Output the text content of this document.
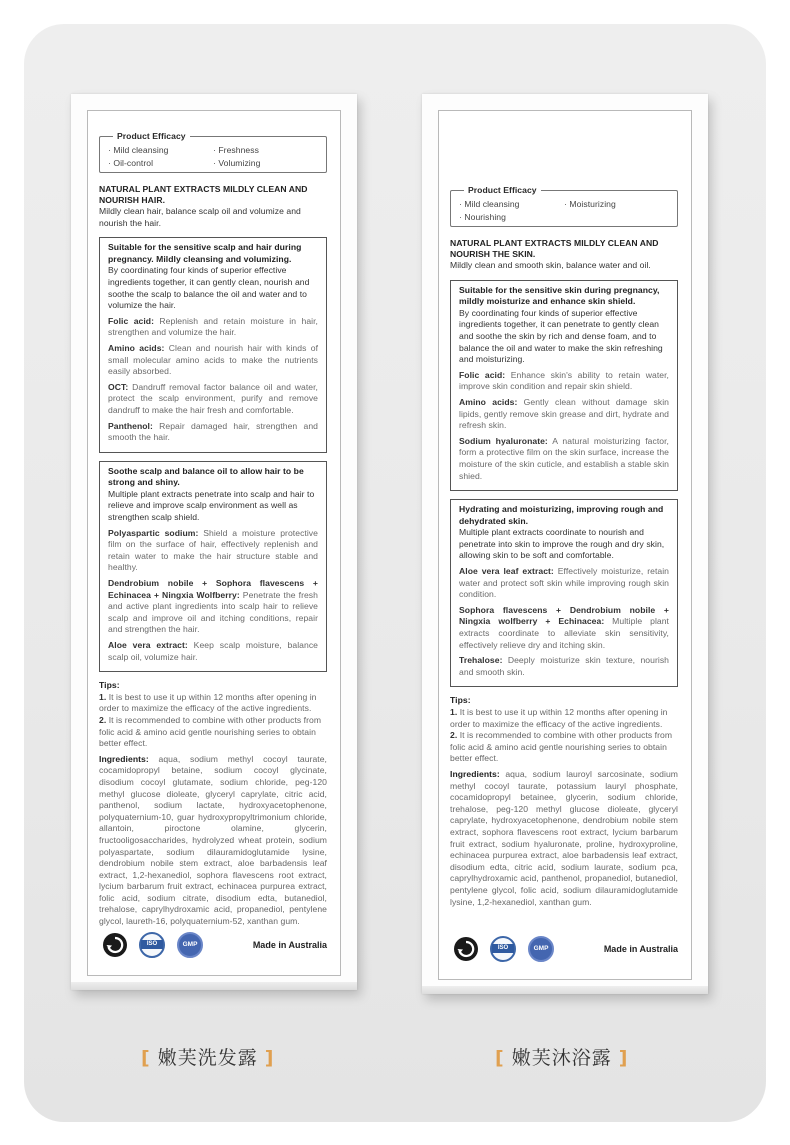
Product Efficacy
· Mild cleansing	· Freshness
· Oil-control	· Volumizing
NATURAL PLANT EXTRACTS MILDLY CLEAN AND NOURISH HAIR.
Mildly clean hair, balance scalp oil and volumize and nourish the hair.
Suitable for the sensitive scalp and hair during pregnancy. Mildly cleansing and volumizing.
By coordinating four kinds of superior effective ingredients together, it can gently clean, nourish and soothe the scalp to balance the oil and water and to volumize the hair.
Folic acid: Replenish and retain moisture in hair, strengthen and volumize the hair.
Amino acids: Clean and nourish hair with kinds of small molecular amino acids to make the nutrients easily absorbed.
OCT: Dandruff removal factor balance oil and water, protect the scalp environment, purify and remove dandruff to make the hair fresh and comfortable.
Panthenol: Repair damaged hair, strengthen and smooth the hair.
Soothe scalp and balance oil to allow hair to be strong and shiny.
Multiple plant extracts penetrate into scalp and hair to relieve and improve scalp environment as well as strengthen scalp shield.
Polyaspartic sodium: Shield a moisture protective film on the surface of hair, effectively replenish and retain water to make the hair structure stable and healthy.
Dendrobium nobile + Sophora flavescens + Echinacea + Ningxia Wolfberry: Penetrate the fresh and active plant ingredients into scalp hair to relieve scalp and improve oil and itching conditions, repair and strengthen the hair.
Aloe vera extract: Keep scalp moisture, balance scalp oil, volumize hair.
Tips:
1. It is best to use it up within 12 months after opening in order to maximize the efficacy of the active ingredients.
2. It is recommended to combine with other products from folic acid & amino acid gentle nourishing series to obtain better effect.
Ingredients: aqua, sodium methyl cocoyl taurate, cocamidopropyl betaine, sodium cocoyl glycinate, disodium cocoyl glutamate, sodium chloride, peg-120 methyl glucose dioleate, glyceryl caprylate, citric acid, panthenol, sodium lactate, hydroxyacetophenone, polyquaternium-10, guar hydroxypropyltrimonium chloride, allantoin, piroctone olamine, glycerin, fructooligosaccharides, hydrolyzed wheat protein, sodium polyaspartate, sodium dilauramidoglutamide lysine, dendrobium nobile stem extract, aloe barbadensis leaf extract, 1,2-hexanediol, sophora flavescens root extract, lycium barbarum fruit extract, echinacea purpurea extract, folic acid, sodium citrate, disodium edta, butanediol, trehalose, caprylhydroxamic acid, propanediol, pentylene glycol, laureth-16, polyquaternium-52, xanthan gum.
ISO	GMP	Made in Australia
[ 嫩芙洗发露 ]
Product Efficacy
· Mild cleansing	· Moisturizing
· Nourishing
NATURAL PLANT EXTRACTS MILDLY CLEAN AND NOURISH THE SKIN.
Mildly clean and smooth skin, balance water and oil.
Suitable for the sensitive skin during pregnancy, mildly moisturize and enhance skin shield.
By coordinating four kinds of superior effective ingredients together, it can penetrate to gently clean and soothe the skin by rich and dense foam, and to balance the oil and water to make the skin refreshing and moisturizing.
Folic acid: Enhance skin's ability to retain water, improve skin condition and repair skin shield.
Amino acids: Gently clean without damage skin lipids, gently remove skin grease and dirt, hydrate and refresh skin.
Sodium hyaluronate: A natural moisturizing factor, form a protective film on the skin surface, increase the moisture of the skin cuticle, and establish a stable skin shied.
Hydrating and moisturizing, improving rough and dehydrated skin.
Multiple plant extracts coordinate to nourish and penetrate into skin to improve the rough and dry skin, allowing skin to be soft and comfortable.
Aloe vera leaf extract: Effectively moisturize, retain water and protect soft skin while improving rough skin condition.
Sophora flavescens + Dendrobium nobile + Ningxia wolfberry + Echinacea: Multiple plant extracts coordinate to alleviate skin sensitivity, effectively relieve dry and itching skin.
Trehalose: Deeply moisturize skin texture, nourish and smooth skin.
Tips:
1. It is best to use it up within 12 months after opening in order to maximize the efficacy of the active ingredients.
2. It is recommended to combine with other products from folic acid & amino acid gentle nourishing series to obtain better effect.
Ingredients: aqua, sodium lauroyl sarcosinate, sodium methyl cocoyl taurate, potassium lauryl phosphate, cocamidopropyl betainee, glycerin, sodium chloride, trehalose, peg-120 methyl glucose dioleate, glyceryl caprylate, hydroxyacetophenone, dendrobium nobile stem extract, sophora flavescens root extract, lycium barbarum fruit extract, sodium hyaluronate, proline, hydroxyproline, echinacea purpurea extract, aloe barbadensis leaf extract, disodium edta, citric acid, sodium laurate, sodium pca, caprylhydroxamic acid, panthenol, propanediol, butanediol, pentylene glycol, folic acid, sodium dilauramidoglutamide lysine, 1,2-hexanediol, xanthan gum.
ISO	GMP	Made in Australia
[ 嫩芙沐浴露 ]
